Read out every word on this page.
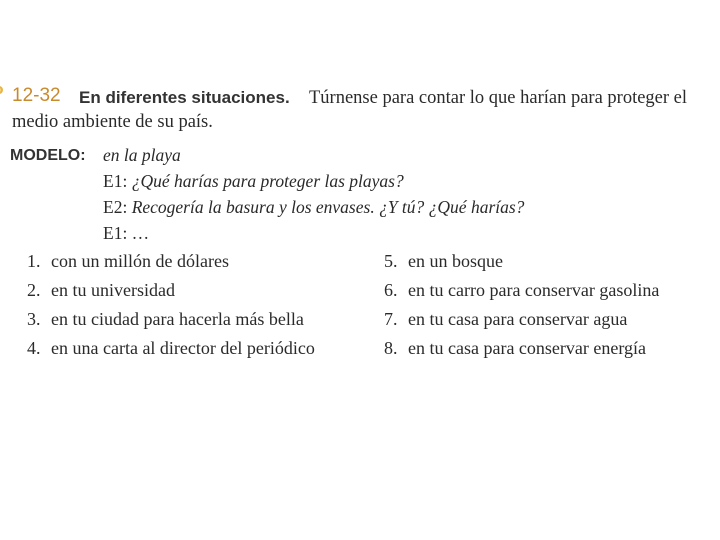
12-32 En diferentes situaciones. Túrnense para contar lo que harían para proteger el
medio ambiente de su país.
MODELO: en la playa
E1: ¿Qué harías para proteger las playas?
E2: Recogería la basura y los envases. ¿Y tú? ¿Qué harías?
E1: …
1. con un millón de dólares
2. en tu universidad
3. en tu ciudad para hacerla más bella
4. en una carta al director del periódico
5. en un bosque
6. en tu carro para conservar gasolina
7. en tu casa para conservar agua
8. en tu casa para conservar energía
